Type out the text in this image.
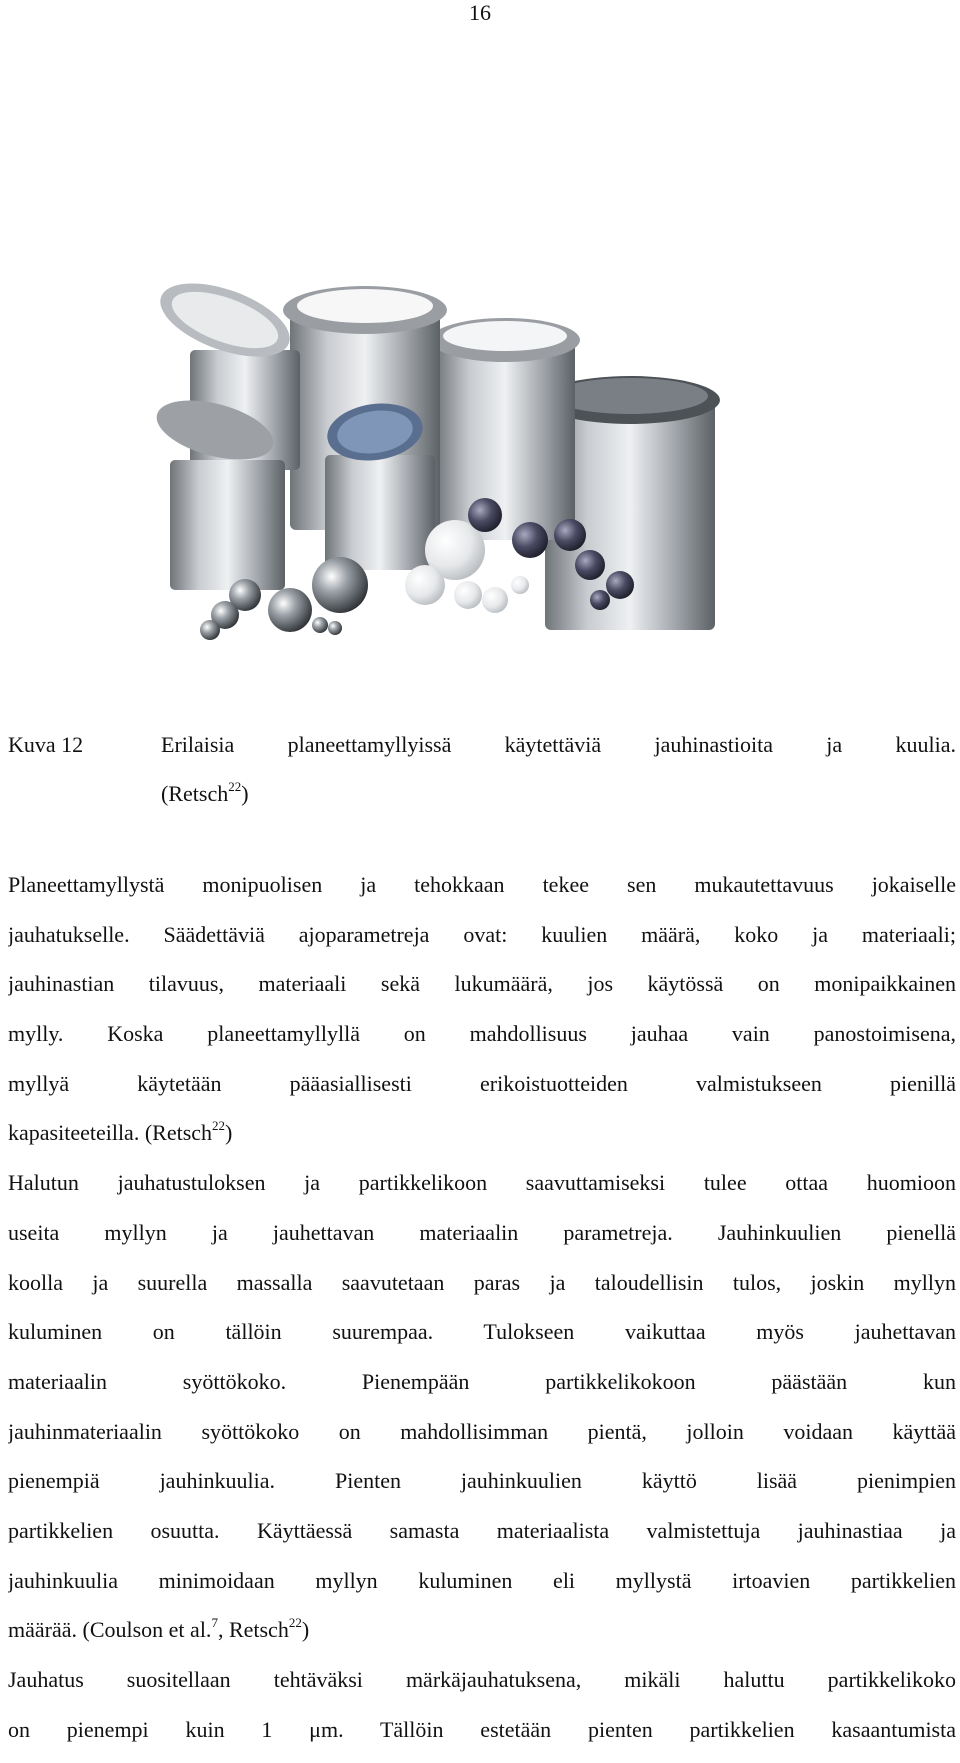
16
Kuva 12	Erilaisia planeettamyllyissä käytettäviä jauhinastioita ja kuulia.
(Retsch$^{22}$)
Planeettamyllystä monipuolisen ja tehokkaan tekee sen mukautettavuus jokaiselle
jauhatukselle. Säädettäviä ajoparametreja ovat: kuulien määrä, koko ja materiaali;
jauhinastian tilavuus, materiaali sekä lukumäärä, jos käytössä on monipaikkainen
mylly. Koska planeettamyllyllä on mahdollisuus jauhaa vain panostoimisena,
myllyä käytetään pääasiallisesti erikoistuotteiden valmistukseen pienillä
kapasiteeteilla. (Retsch$^{22}$)
Halutun jauhatustuloksen ja partikkelikoon saavuttamiseksi tulee ottaa huomioon
useita myllyn ja jauhettavan materiaalin parametreja. Jauhinkuulien pienellä
koolla ja suurella massalla saavutetaan paras ja taloudellisin tulos, joskin myllyn
kuluminen on tällöin suurempaa. Tulokseen vaikuttaa myös jauhettavan
materiaalin syöttökoko. Pienempään partikkelikokoon päästään kun
jauhinmateriaalin syöttökoko on mahdollisimman pientä, jolloin voidaan käyttää
pienempiä jauhinkuulia. Pienten jauhinkuulien käyttö lisää pienimpien
partikkelien osuutta. Käyttäessä samasta materiaalista valmistettuja jauhinastiaa ja
jauhinkuulia minimoidaan myllyn kuluminen eli myllystä irtoavien partikkelien
määrää. (Coulson et al.$^7$, Retsch$^{22}$)
Jauhatus suositellaan tehtäväksi märkäjauhatuksena, mikäli haluttu partikkelikoko
on pienempi kuin 1 μm. Tällöin estetään pienten partikkelien kasaantumista
